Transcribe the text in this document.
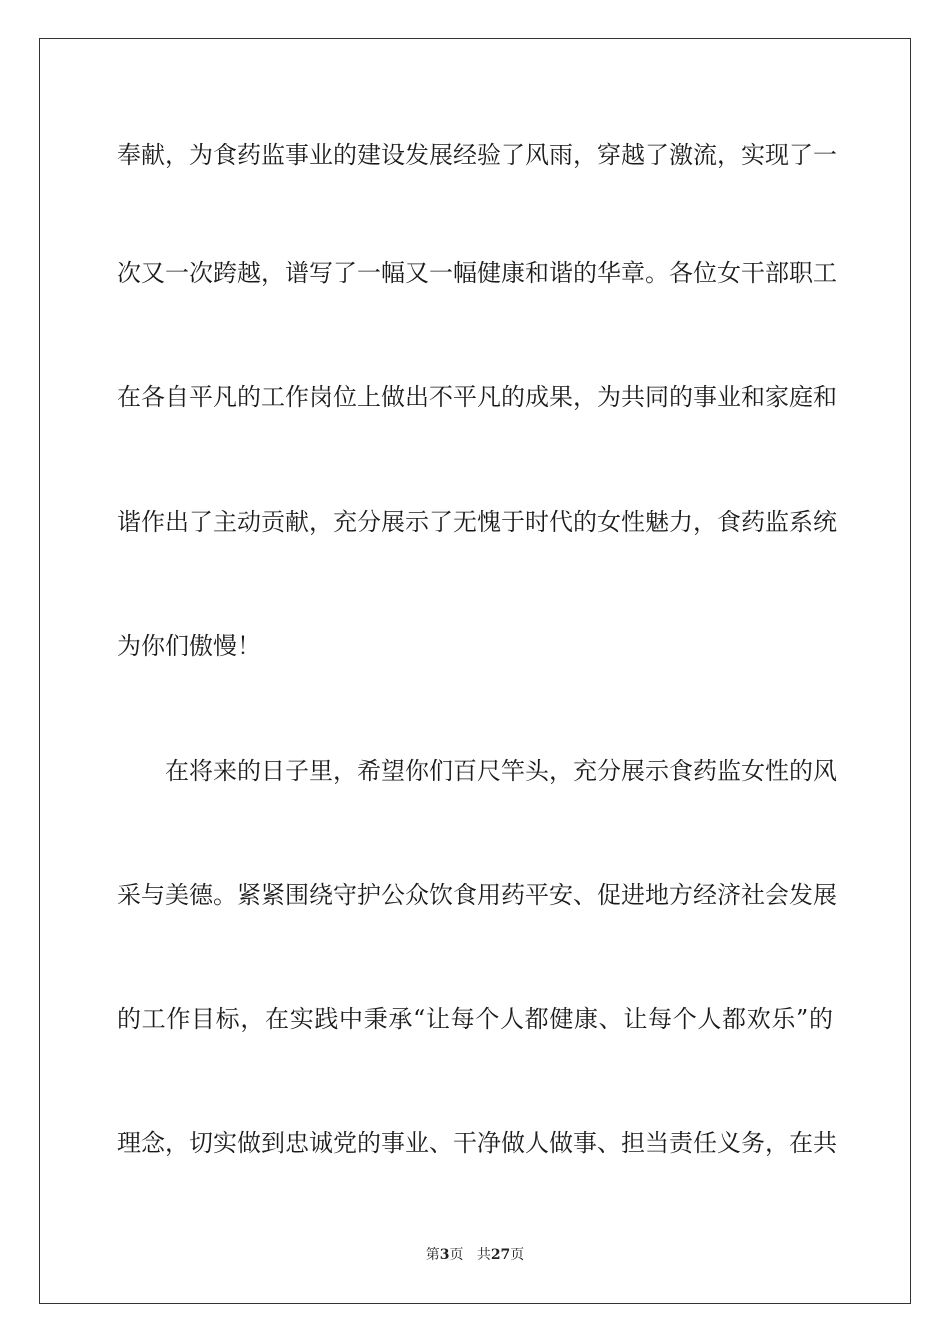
奉献，为食药监事业的建设发展经验了风雨，穿越了激流，实现了一
次又一次跨越，谱写了一幅又一幅健康和谐的华章。各位女干部职工
在各自平凡的工作岗位上做出不平凡的成果，为共同的事业和家庭和
谐作出了主动贡献，充分展示了无愧于时代的女性魅力，食药监系统
为你们傲慢！
在将来的日子里，希望你们百尺竿头，充分展示食药监女性的风
采与美德。紧紧围绕守护公众饮食用药平安、促进地方经济社会发展
的工作目标，在实践中秉承“让每个人都健康、让每个人都欢乐”的
理念，切实做到忠诚党的事业、干净做人做事、担当责任义务，在共
第3页 共27页
